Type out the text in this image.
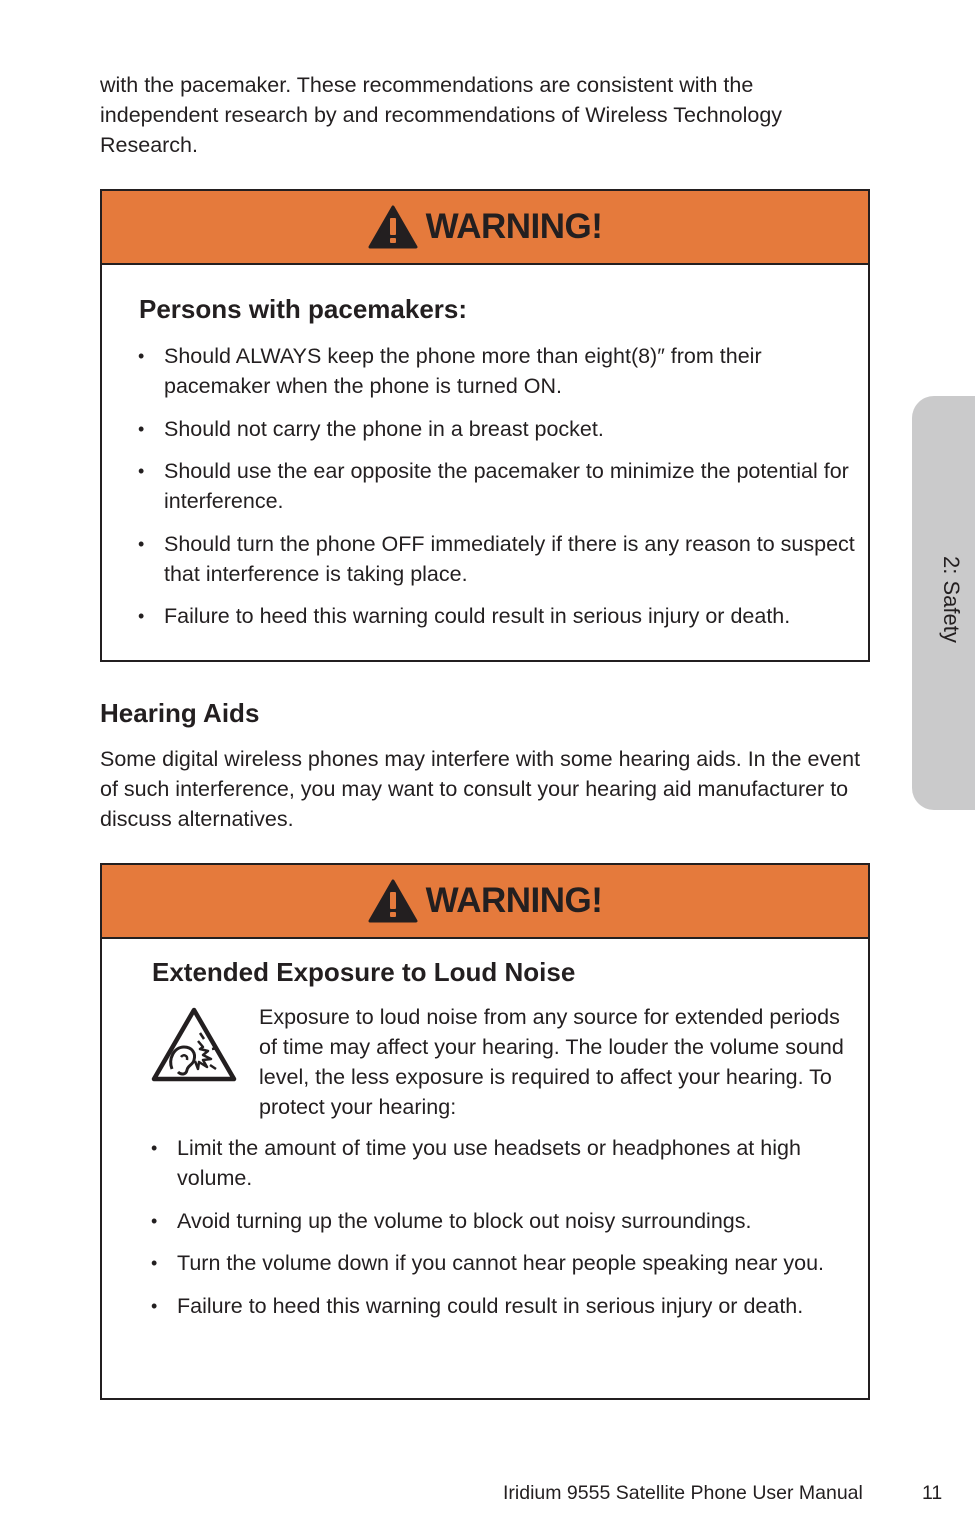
with the pacemaker. These recommendations are consistent with the independent research by and recommendations of Wireless Technology Research.

WARNING!
Persons with pacemakers:
• Should ALWAYS keep the phone more than eight(8)″ from their pacemaker when the phone is turned ON.
• Should not carry the phone in a breast pocket.
• Should use the ear opposite the pacemaker to minimize the potential for interference.
• Should turn the phone OFF immediately if there is any reason to suspect that interference is taking place.
• Failure to heed this warning could result in serious injury or death.
Hearing Aids

Some digital wireless phones may interfere with some hearing aids. In the event of such interference, you may want to consult your hearing aid manufacturer to discuss alternatives.

WARNING!
Extended Exposure to Loud Noise

Exposure to loud noise from any source for extended periods of time may affect your hearing. The louder the volume sound level, the less exposure is required to affect your hearing. To protect your hearing:

• Limit the amount of time you use headsets or headphones at high volume.
• Avoid turning up the volume to block out noisy surroundings.
• Turn the volume down if you cannot hear people speaking near you.
• Failure to heed this warning could result in serious injury or death.
2: Safety

Iridium 9555 Satellite Phone User Manual	11
